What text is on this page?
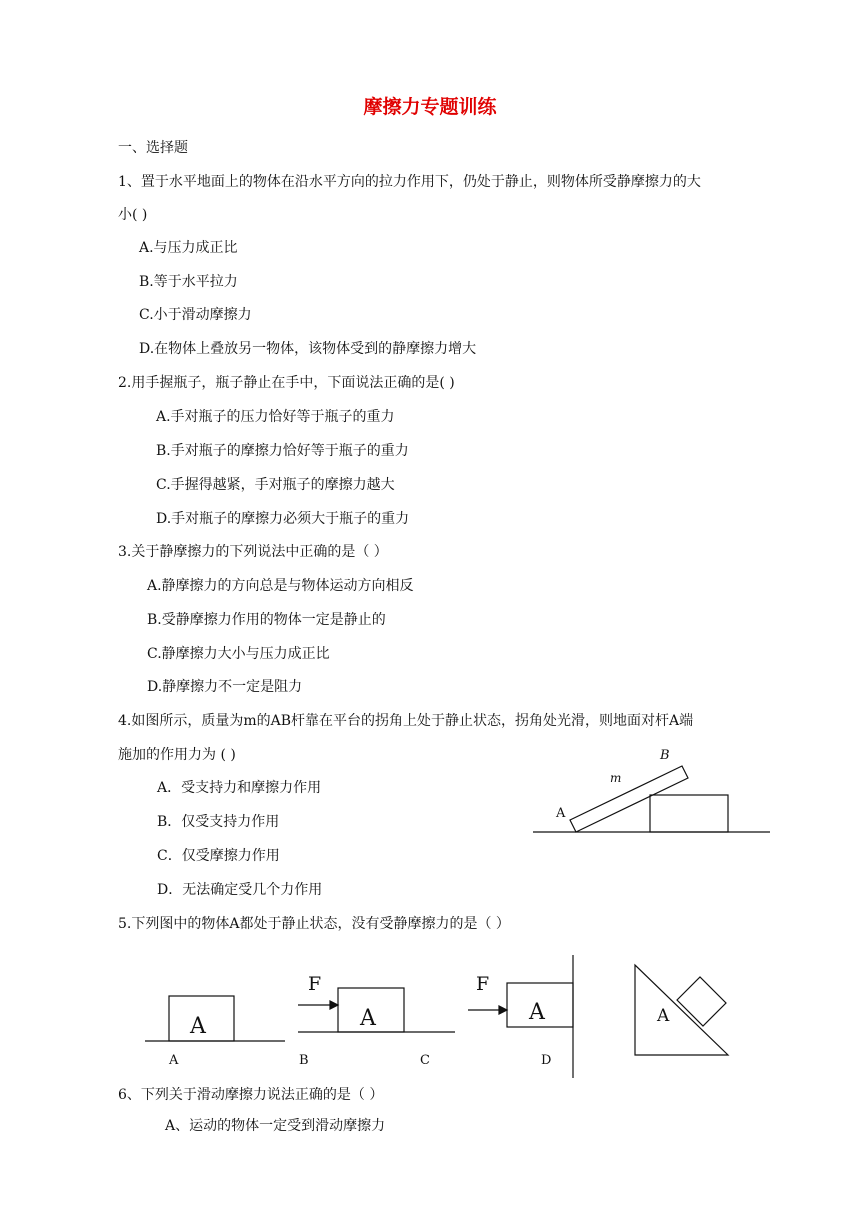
摩擦力专题训练
一、选择题
1、置于水平地面上的物体在沿水平方向的拉力作用下，仍处于静止，则物体所受静摩擦力的大
小( )
A.与压力成正比
B.等于水平拉力
C.小于滑动摩擦力
D.在物体上叠放另一物体，该物体受到的静摩擦力增大
2.用手握瓶子，瓶子静止在手中，下面说法正确的是( )
A.手对瓶子的压力恰好等于瓶子的重力
B.手对瓶子的摩擦力恰好等于瓶子的重力
C.手握得越紧，手对瓶子的摩擦力越大
D.手对瓶子的摩擦力必须大于瓶子的重力
3.关于静摩擦力的下列说法中正确的是（ ）
A.静摩擦力的方向总是与物体运动方向相反
B.受静摩擦力作用的物体一定是静止的
C.静摩擦力大小与压力成正比
D.静摩擦力不一定是阻力
4.如图所示，质量为m的AB杆靠在平台的拐角上处于静止状态，拐角处光滑，则地面对杆A端
施加的作用力为 ( )
A．受支持力和摩擦力作用
B．仅受支持力作用
C．仅受摩擦力作用
D．无法确定受几个力作用
5.下列图中的物体A都处于静止状态，没有受静摩擦力的是（ ）
6、下列关于滑动摩擦力说法正确的是（ ）
A、运动的物体一定受到滑动摩擦力
B
m
A
A
A
F
A
B	C
F
A
D
A
